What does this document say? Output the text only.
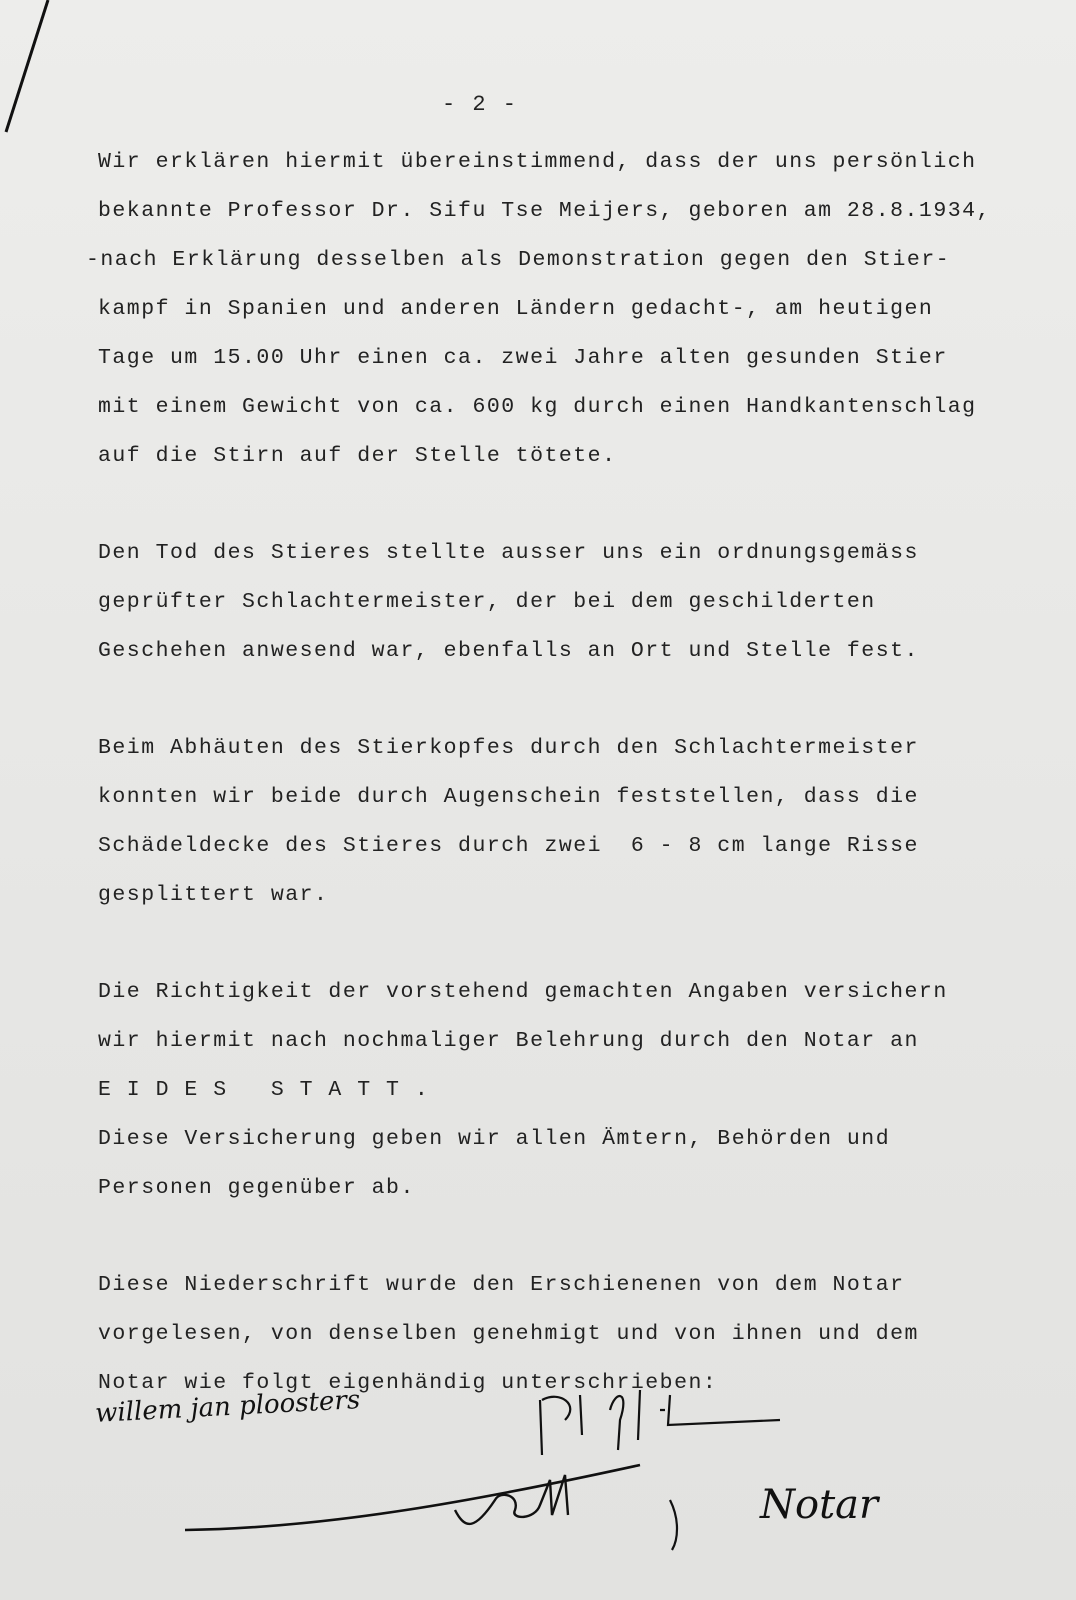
- 2 -
Wir erklären hiermit übereinstimmend, dass der uns persönlich
bekannte Professor Dr. Sifu Tse Meijers, geboren am 28.8.1934,
-nach Erklärung desselben als Demonstration gegen den Stier-
kampf in Spanien und anderen Ländern gedacht-, am heutigen
Tage um 15.00 Uhr einen ca. zwei Jahre alten gesunden Stier
mit einem Gewicht von ca. 600 kg durch einen Handkantenschlag
auf die Stirn auf der Stelle tötete.
Den Tod des Stieres stellte ausser uns ein ordnungsgemäss
geprüfter Schlachtermeister, der bei dem geschilderten
Geschehen anwesend war, ebenfalls an Ort und Stelle fest.
Beim Abhäuten des Stierkopfes durch den Schlachtermeister
konnten wir beide durch Augenschein feststellen, dass die
Schädeldecke des Stieres durch zwei  6 - 8 cm lange Risse
gesplittert war.
Die Richtigkeit der vorstehend gemachten Angaben versichern
wir hiermit nach nochmaliger Belehrung durch den Notar an
E I D E S   S T A T T .
Diese Versicherung geben wir allen Ämtern, Behörden und
Personen gegenüber ab.
Diese Niederschrift wurde den Erschienenen von dem Notar
vorgelesen, von denselben genehmigt und von ihnen und dem
Notar wie folgt eigenhändig unterschrieben:
willem jan ploosters
Notar
